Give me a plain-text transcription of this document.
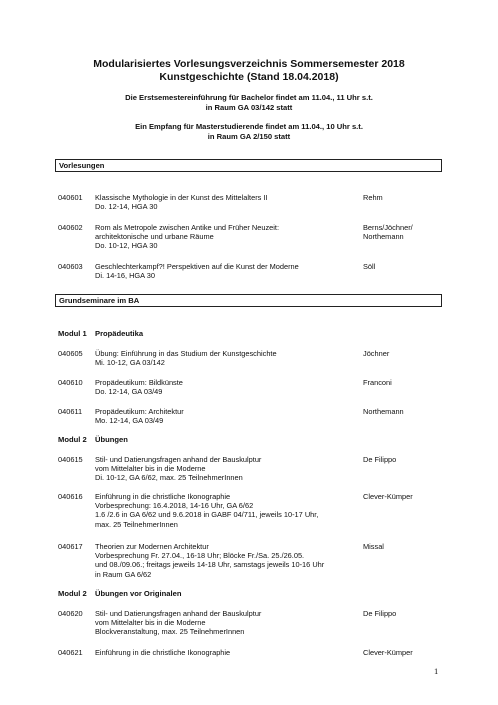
Modularisiertes Vorlesungsverzeichnis Sommersemester 2018
Kunstgeschichte (Stand 18.04.2018)
Die Erstsemestereinführung für Bachelor findet am 11.04., 11 Uhr s.t.
in Raum GA 03/142 statt
Ein Empfang für Masterstudierende findet am 11.04., 10 Uhr s.t.
in Raum GA 2/150 statt
Vorlesungen
040601 Klassische Mythologie in der Kunst des Mittelalters II
Do. 12-14, HGA 30
Rehm
040602 Rom als Metropole zwischen Antike und Früher Neuzeit:
architektonische und urbane Räume
Do. 10-12, HGA 30
Berns/Jöchner/
Northemann
040603 Geschlechterkampf?! Perspektiven auf die Kunst der Moderne
Di. 14-16, HGA 30
Söll
Grundseminare im BA
Modul 1 Propädeutika
040605 Übung: Einführung in das Studium der Kunstgeschichte
Mi. 10-12, GA 03/142
Jöchner
040610 Propädeutikum: Bildkünste
Do. 12-14, GA 03/49
Franconi
040611 Propädeutikum: Architektur
Mo. 12-14, GA 03/49
Northemann
Modul 2 Übungen
040615 Stil- und Datierungsfragen anhand der Bauskulptur
vom Mittelalter bis in die Moderne
Di. 10-12, GA 6/62, max. 25 TeilnehmerInnen
De Filippo
040616 Einführung in die christliche Ikonographie
Vorbesprechung: 16.4.2018, 14-16 Uhr, GA 6/62
1.6 /2.6 in GA 6/62 und 9.6.2018 in GABF 04/711, jeweils 10-17 Uhr,
max. 25 TeilnehmerInnen
Clever-Kümper
040617 Theorien zur Modernen Architektur
Vorbesprechung Fr. 27.04., 16-18 Uhr; Blöcke Fr./Sa. 25./26.05.
und 08./09.06.; freitags jeweils 14-18 Uhr, samstags jeweils 10-16 Uhr
in Raum GA 6/62
Missal
Modul 2 Übungen vor Originalen
040620 Stil- und Datierungsfragen anhand der Bauskulptur
vom Mittelalter bis in die Moderne
Blockveranstaltung, max. 25 TeilnehmerInnen
De Filippo
040621 Einführung in die christliche Ikonographie	Clever-Kümper
1
